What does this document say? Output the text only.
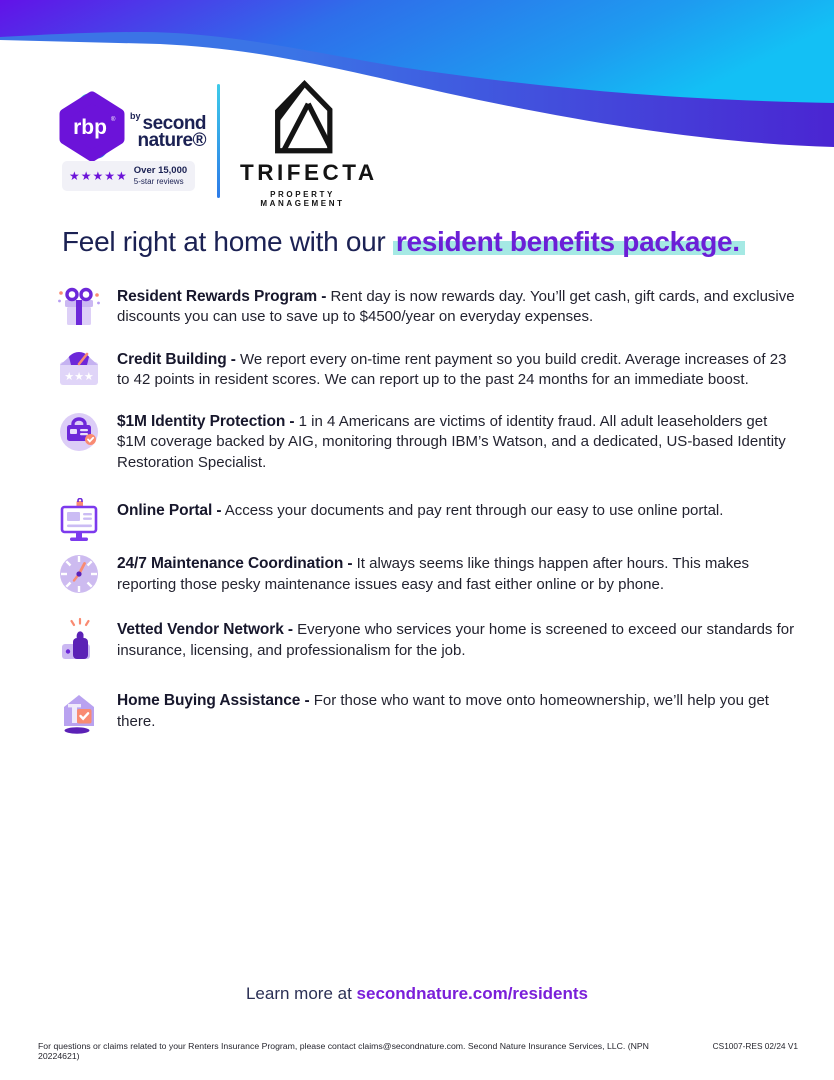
rbp ® $^{by}$ second
nature®
★★★★★ Over 15,000
5-star reviews	TRIFECTA
PROPERTY MANAGEMENT
Feel right at home with our resident benefits package.

Resident Rewards Program - Rent day is now rewards day. You’ll get cash, gift cards, and exclusive discounts you can use to save up to $4500/year on everyday expenses.

★★★

Credit Building - We report every on-time rent payment so you build credit. Average increases of 23 to 42 points in resident scores. We can report up to the past 24 months for an immediate boost.

$1M Identity Protection - 1 in 4 Americans are victims of identity fraud. All adult leaseholders get $1M coverage backed by AIG, monitoring through IBM’s Watson, and a dedicated, US-based Identity Restoration Specialist.

Online Portal - Access your documents and pay rent through our easy to use online portal.

24/7 Maintenance Coordination - It always seems like things happen after hours. This makes reporting those pesky maintenance issues easy and fast either online or by phone.

Vetted Vendor Network - Everyone who services your home is screened to exceed our standards for insurance, licensing, and professionalism for the job.

Home Buying Assistance - For those who want to move onto homeownership, we’ll help you get there.

Learn more at secondnature.com/residents
For questions or claims related to your Renters Insurance Program, please contact claims@secondnature.com. Second Nature Insurance Services, LLC. (NPN 20224621)
CS1007-RES 02/24 V1
